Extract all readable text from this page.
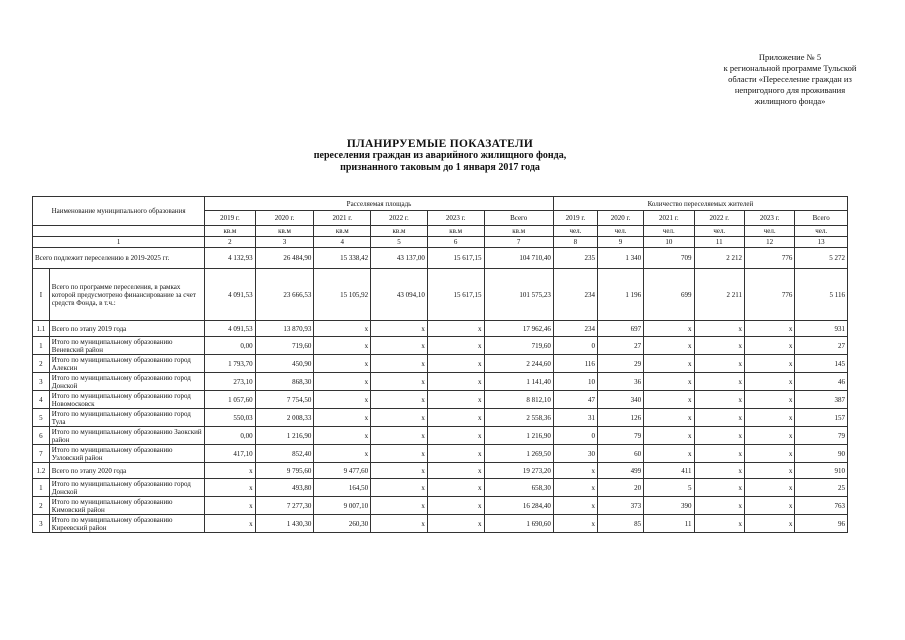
Приложение № 5
к региональной программе Тульской
области «Переселение граждан из
непригодного для проживания
жилищного фонда»
ПЛАНИРУЕМЫЕ ПОКАЗАТЕЛИ
переселения граждан из аварийного жилищного фонда,
признанного таковым до 1 января 2017 года
Наименование муниципального образования		Расселяемая площадь						Количество переселяемых жителей					
		2019 г.	2020 г.	2021 г.	2022 г.	2023 г.	Всего	2019 г.	2020 г.	2021 г.	2022 г.	2023 г.	Всего
		кв.м	кв.м	кв.м	кв.м	кв.м	кв.м	чел.	чел.	чел.	чел.	чел.	чел.
1		2	3	4	5	6	7	8	9	10	11	12	13
Всего подлежит переселению в 2019-2025 гг.		4 132,93	26 484,90	15 338,42	43 137,00	15 617,15	104 710,40	235	1 340	709	2 212	776	5 272
I	Всего по программе переселения, в рамках которой предусмотрено финансирование за счет средств Фонда, в т.ч.:	4 091,53	23 666,53	15 105,92	43 094,10	15 617,15	101 575,23	234	1 196	699	2 211	776	5 116
1.1	Всего по этапу 2019 года	4 091,53	13 870,93	x	x	x	17 962,46	234	697	x	x	x	931
1	Итого по муниципальному образованию Веневский район	0,00	719,60	x	x	x	719,60	0	27	x	x	x	27
2	Итого по муниципальному образованию город Алексин	1 793,70	450,90	x	x	x	2 244,60	116	29	x	x	x	145
3	Итого по муниципальному образованию город Донской	273,10	868,30	x	x	x	1 141,40	10	36	x	x	x	46
4	Итого по муниципальному образованию город Новомосковск	1 057,60	7 754,50	x	x	x	8 812,10	47	340	x	x	x	387
5	Итого по муниципальному образованию город Тула	550,03	2 008,33	x	x	x	2 558,36	31	126	x	x	x	157
6	Итого по муниципальному образованию Заокский район	0,00	1 216,90	x	x	x	1 216,90	0	79	x	x	x	79
7	Итого по муниципальному образованию Узловский район	417,10	852,40	x	x	x	1 269,50	30	60	x	x	x	90
1.2	Всего по этапу 2020 года	x	9 795,60	9 477,60	x	x	19 273,20	x	499	411	x	x	910
1	Итого по муниципальному образованию город Донской	x	493,80	164,50	x	x	658,30	x	20	5	x	x	25
2	Итого по муниципальному образованию Кимовский район	x	7 277,30	9 007,10	x	x	16 284,40	x	373	390	x	x	763
3	Итого по муниципальному образованию Киреевский район	x	1 430,30	260,30	x	x	1 690,60	x	85	11	x	x	96
